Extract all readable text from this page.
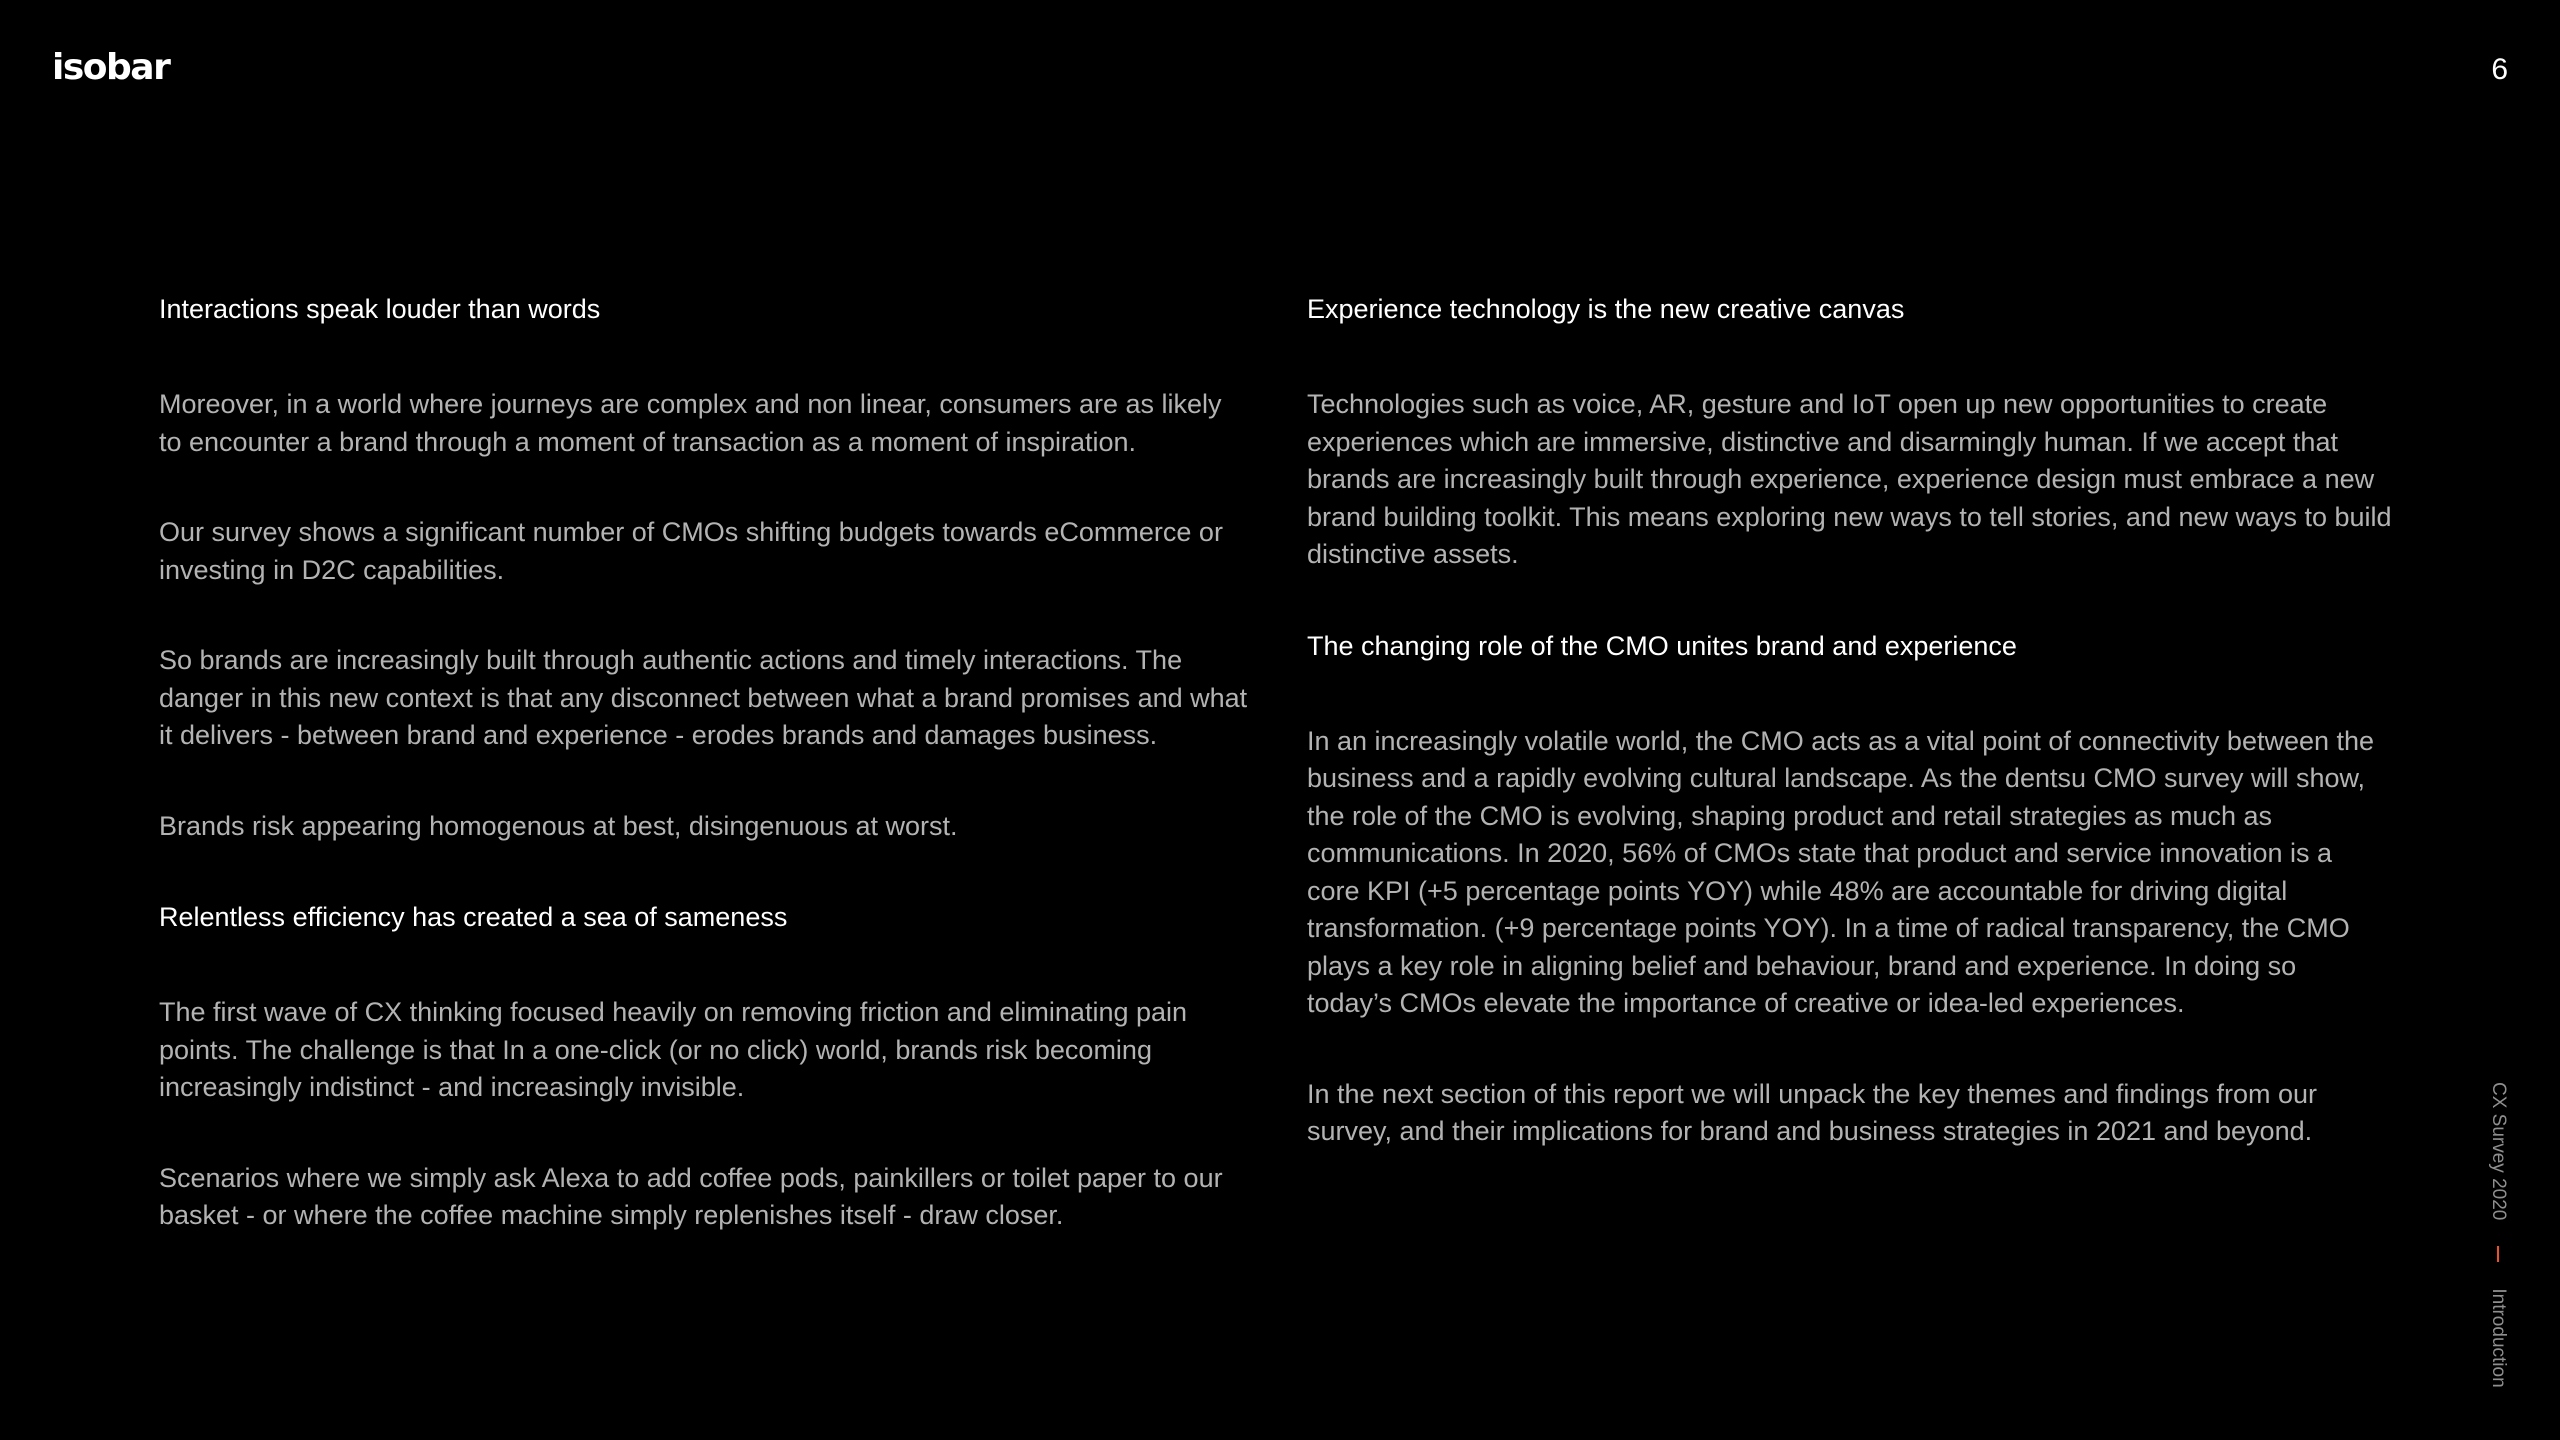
isobar	6

Interactions speak louder than words

Moreover, in a world where journeys are complex and non linear, consumers are as likely to encounter a brand through a moment of transaction as a moment of inspiration.

Our survey shows a significant number of CMOs shifting budgets towards eCommerce or investing in D2C capabilities.

So brands are increasingly built through authentic actions and timely interactions. The danger in this new context is that any disconnect between what a brand promises and what it delivers - between brand and experience - erodes brands and damages business.

Brands risk appearing homogenous at best, disingenuous at worst.

Relentless efficiency has created a sea of sameness

The first wave of CX thinking focused heavily on removing friction and eliminating pain points. The challenge is that In a one-click (or no click) world, brands risk becoming increasingly indistinct - and increasingly invisible.

Scenarios where we simply ask Alexa to add coffee pods, painkillers or toilet paper to our basket - or where the coffee machine simply replenishes itself - draw closer.

Experience technology is the new creative canvas

Technologies such as voice, AR, gesture and IoT open up new opportunities to create experiences which are immersive, distinctive and disarmingly human. If we accept that brands are increasingly built through experience, experience design must embrace a new brand building toolkit. This means exploring new ways to tell stories, and new ways to build distinctive assets.

The changing role of the CMO unites brand and experience

In an increasingly volatile world, the CMO acts as a vital point of connectivity between the business and a rapidly evolving cultural landscape. As the dentsu CMO survey will show, the role of the CMO is evolving, shaping product and retail strategies as much as communications. In 2020, 56% of CMOs state that product and service innovation is a core KPI (+5 percentage points YOY) while 48% are accountable for driving digital transformation. (+9 percentage points YOY). In a time of radical transparency, the CMO plays a key role in aligning belief and behaviour, brand and experience. In doing so today’s CMOs elevate the importance of creative or idea-led experiences.

In the next section of this report we will unpack the key themes and findings from our survey, and their implications for brand and business strategies in 2021 and beyond.	CX Survey 2020
Introduction
